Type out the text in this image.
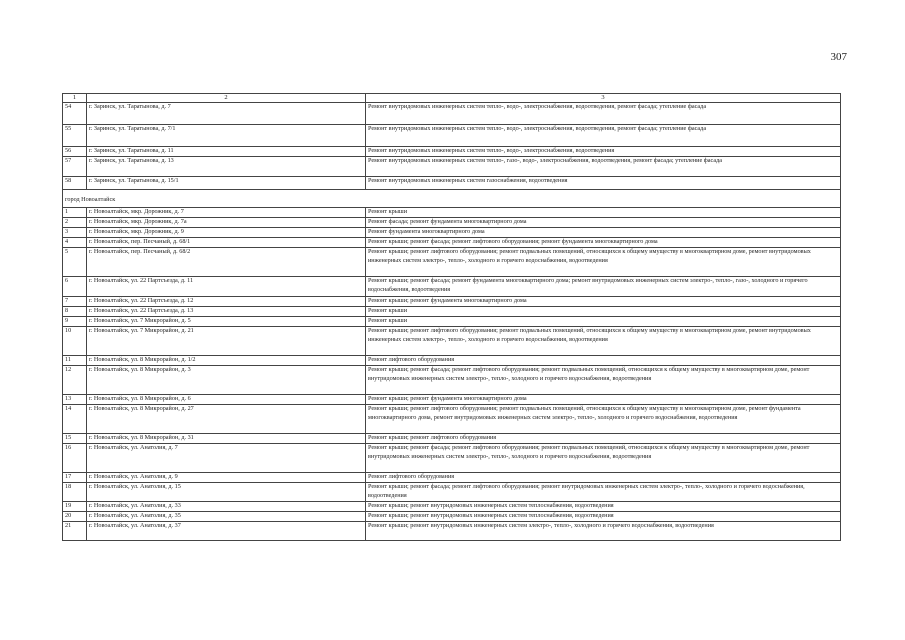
307
1	2	3
54	г. Заринск, ул. Таратынова, д. 7	Ремонт внутридомовых инженерных систем тепло-, водо-, электроснабжения, водоотведения, ремонт фасада; утепление фасада
55	г. Заринск, ул. Таратынова, д. 7/1	Ремонт внутридомовых инженерных систем тепло-, водо-, электроснабжения, водоотведения, ремонт фасада; утепление фасада
56	г. Заринск, ул. Таратынова, д. 11	Ремонт внутридомовых инженерных систем тепло-, водо-, электроснабжения, водоотведения
57	г. Заринск, ул. Таратынова, д. 13	Ремонт внутридомовых инженерных систем тепло-, газо-, водо-, электроснабжения, водоотведения, ремонт фасада; утепление фасада
58	г. Заринск, ул. Таратынова, д. 15/1	Ремонт внутридомовых инженерных систем газоснабжения, водоотведения
город Новоалтайск		
1	г. Новоалтайск, мкр. Дорожник, д. 7	Ремонт крыши
2	г. Новоалтайск, мкр. Дорожник, д. 7а	Ремонт фасада; ремонт фундамента многоквартирного дома
3	г. Новоалтайск, мкр. Дорожник, д. 9	Ремонт фундамента многоквартирного дома
4	г. Новоалтайск, пер. Песчаный, д. 68/1	Ремонт крыши; ремонт фасада; ремонт лифтового оборудования; ремонт фундамента многоквартирного дома
5	г. Новоалтайск, пер. Песчаный, д. 68/2	Ремонт крыши; ремонт лифтового оборудования; ремонт подвальных помещений, относящихся к общему имуществу в многоквартирном доме, ремонт внутридомовых инженерных систем электро-, тепло-, холодного и горячего водоснабжения, водоотведения
6	г. Новоалтайск, ул. 22 Партсъезда, д. 11	Ремонт крыши; ремонт фасада; ремонт фундамента многоквартирного дома; ремонт внутридомовых инженерных систем электро-, тепло-, газо-, холодного и горячего водоснабжения, водоотведения
7	г. Новоалтайск, ул. 22 Партсъезда, д. 12	Ремонт крыши; ремонт фундамента многоквартирного дома
8	г. Новоалтайск, ул. 22 Партсъезда, д. 13	Ремонт крыши
9	г. Новоалтайск, ул. 7 Микрорайон, д. 5	Ремонт крыши
10	г. Новоалтайск, ул. 7 Микрорайон, д. 21	Ремонт крыши; ремонт лифтового оборудования; ремонт подвальных помещений, относящихся к общему имуществу в многоквартирном доме, ремонт внутридомовых инженерных систем электро-, тепло-, холодного и горячего водоснабжения, водоотведения
11	г. Новоалтайск, ул. 8 Микрорайон, д. 1/2	Ремонт лифтового оборудования
12	г. Новоалтайск, ул. 8 Микрорайон, д. 3	Ремонт крыши; ремонт фасада; ремонт лифтового оборудования; ремонт подвальных помещений, относящихся к общему имуществу в многоквартирном доме, ремонт внутридомовых инженерных систем электро-, тепло-, холодного и горячего водоснабжения, водоотведения
13	г. Новоалтайск, ул. 8 Микрорайон, д. 6	Ремонт крыши; ремонт фундамента многоквартирного дома
14	г. Новоалтайск, ул. 8 Микрорайон, д. 27	Ремонт крыши; ремонт лифтового оборудования; ремонт подвальных помещений, относящихся к общему имуществу в многоквартирном доме, ремонт фундамента многоквартирного дома, ремонт внутридомовых инженерных систем электро-, тепло-, холодного и горячего водоснабжения, водоотведения
15	г. Новоалтайск, ул. 8 Микрорайон, д. 31	Ремонт крыши; ремонт лифтового оборудования
16	г. Новоалтайск, ул. Анатолия, д. 7	Ремонт крыши; ремонт фасада; ремонт лифтового оборудования; ремонт подвальных помещений, относящихся к общему имуществу в многоквартирном доме, ремонт внутридомовых инженерных систем электро-, тепло-, холодного и горячего водоснабжения, водоотведения
17	г. Новоалтайск, ул. Анатолия, д. 9	Ремонт лифтового оборудования
18	г. Новоалтайск, ул. Анатолия, д. 15	Ремонт крыши; ремонт фасада; ремонт лифтового оборудования; ремонт внутридомовых инженерных систем электро-, тепло-, холодного и горячего водоснабжения, водоотведения
19	г. Новоалтайск, ул. Анатолия, д. 33	Ремонт крыши; ремонт внутридомовых инженерных систем теплоснабжения, водоотведения
20	г. Новоалтайск, ул. Анатолия, д. 35	Ремонт крыши; ремонт внутридомовых инженерных систем теплоснабжения, водоотведения
21	г. Новоалтайск, ул. Анатолия, д. 37	Ремонт крыши; ремонт внутридомовых инженерных систем электро-, тепло-, холодного и горячего водоснабжения, водоотведения
